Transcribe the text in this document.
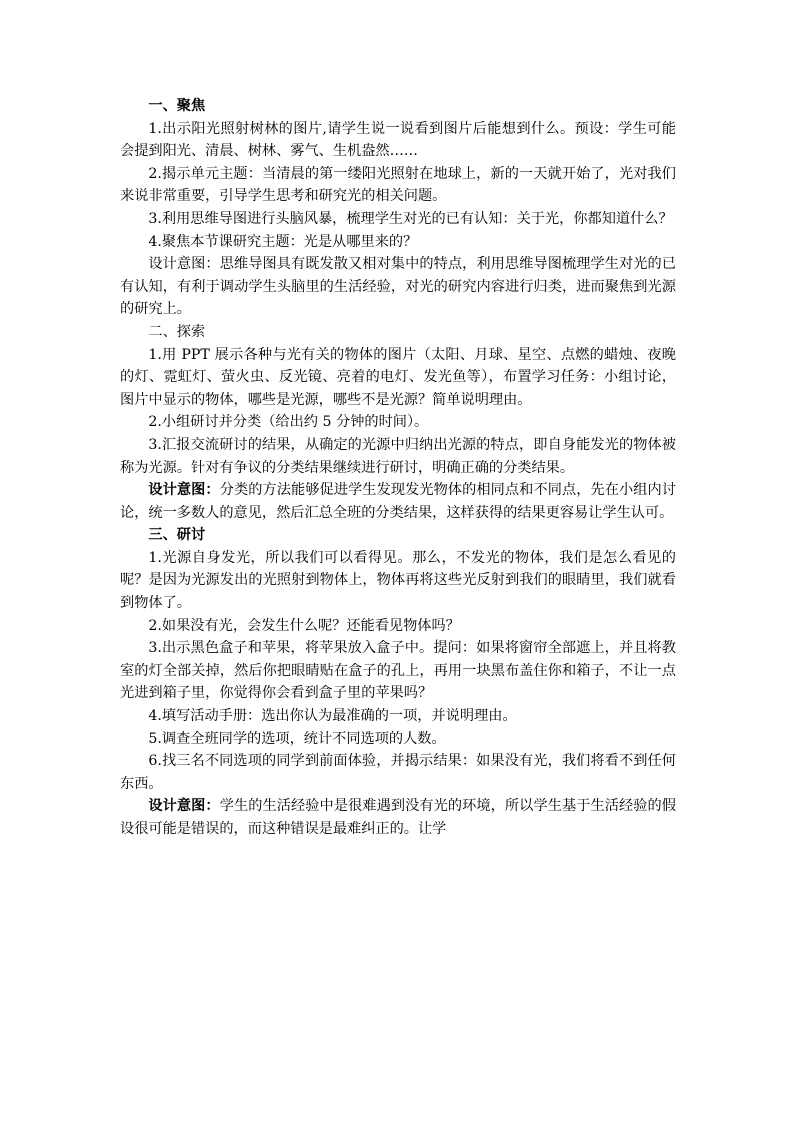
一、聚焦

1.出示阳光照射树林的图片,请学生说一说看到图片后能想到什么。预设：学生可能会提到阳光、清晨、树林、雾气、生机盎然……

2.揭示单元主题：当清晨的第一缕阳光照射在地球上，新的一天就开始了，光对我们来说非常重要，引导学生思考和研究光的相关问题。

3.利用思维导图进行头脑风暴，梳理学生对光的已有认知：关于光，你都知道什么？

4.聚焦本节课研究主题：光是从哪里来的？

设计意图：思维导图具有既发散又相对集中的特点，利用思维导图梳理学生对光的已有认知，有利于调动学生头脑里的生活经验，对光的研究内容进行归类，进而聚焦到光源的研究上。

二、探索

1.用 PPT 展示各种与光有关的物体的图片（太阳、月球、星空、点燃的蜡烛、夜晚的灯、霓虹灯、萤火虫、反光镜、亮着的电灯、发光鱼等），布置学习任务：小组讨论，图片中显示的物体，哪些是光源，哪些不是光源？简单说明理由。

2.小组研讨并分类（给出约 5 分钟的时间）。

3.汇报交流研讨的结果，从确定的光源中归纳出光源的特点，即自身能发光的物体被称为光源。针对有争议的分类结果继续进行研讨，明确正确的分类结果。

设计意图：分类的方法能够促进学生发现发光物体的相同点和不同点，先在小组内讨论，统一多数人的意见，然后汇总全班的分类结果，这样获得的结果更容易让学生认可。

三、研讨

1.光源自身发光，所以我们可以看得见。那么，不发光的物体，我们是怎么看见的呢？是因为光源发出的光照射到物体上，物体再将这些光反射到我们的眼睛里，我们就看到物体了。

2.如果没有光，会发生什么呢？还能看见物体吗？

3.出示黑色盒子和苹果，将苹果放入盒子中。提问：如果将窗帘全部遮上，并且将教室的灯全部关掉，然后你把眼睛贴在盒子的孔上，再用一块黑布盖住你和箱子，不让一点光进到箱子里，你觉得你会看到盒子里的苹果吗？

4.填写活动手册：选出你认为最准确的一项，并说明理由。

5.调查全班同学的选项，统计不同选项的人数。

6.找三名不同选项的同学到前面体验，并揭示结果：如果没有光，我们将看不到任何东西。

设计意图：学生的生活经验中是很难遇到没有光的环境，所以学生基于生活经验的假设很可能是错误的，而这种错误是最难纠正的。让学
